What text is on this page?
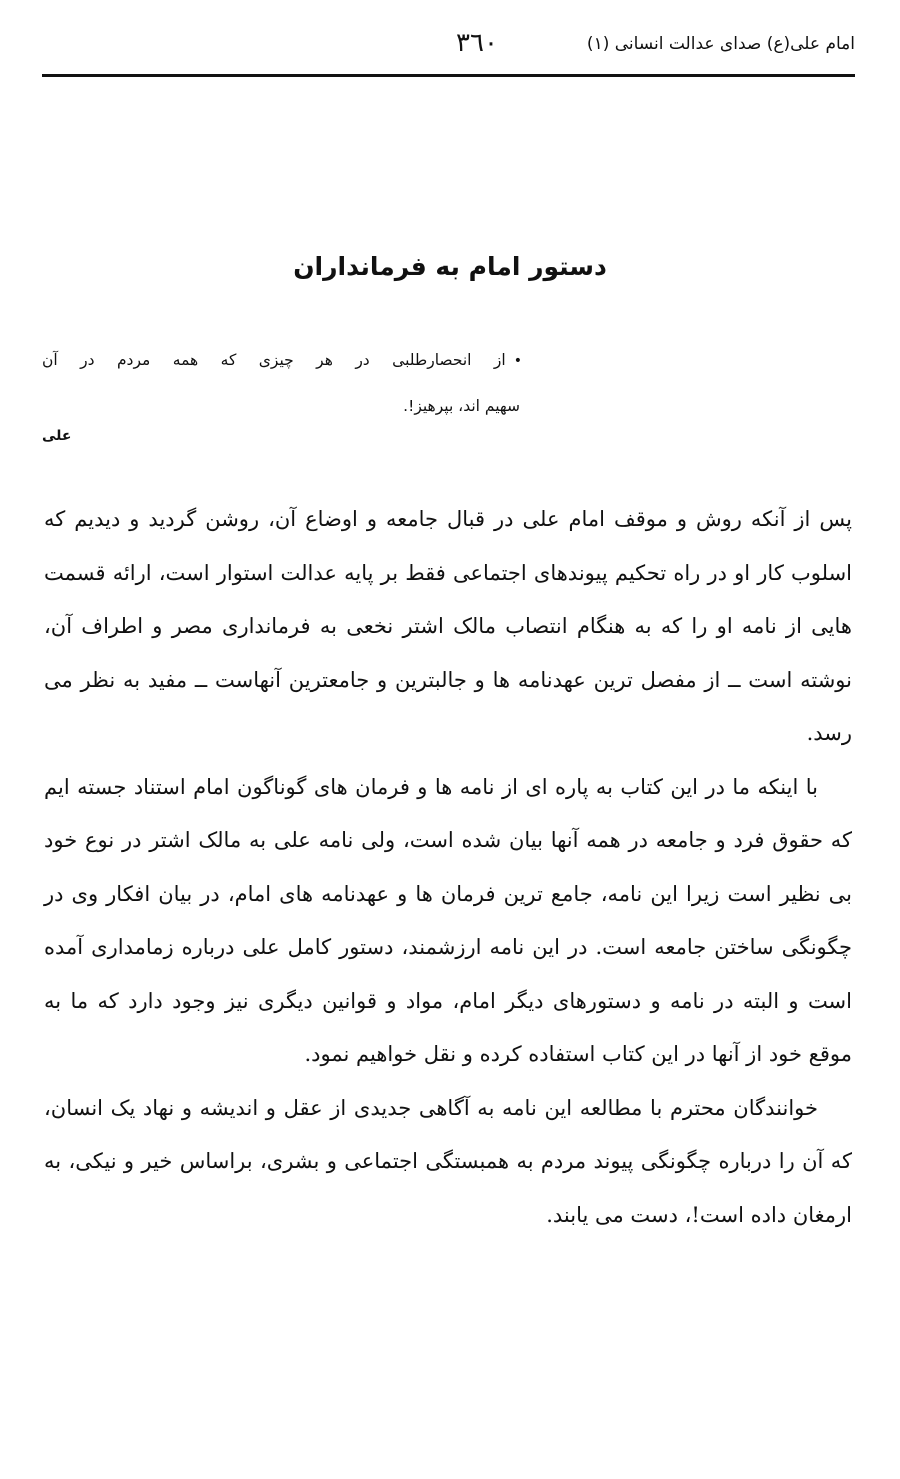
امام علی(ع) صدای عدالت انسانی (۱)
۳٦۰
دستور امام به فرمانداران
•از انحصارطلبی در هر چیزی که همه مردم در آن
سهیم اند، بپرهیز!.
علی

پس از آنکه روش و موقف امام علی در قبال جامعه و اوضاع آن، روشن گردید و دیدیم که اسلوب کار او در راه تحکیم پیوندهای اجتماعی فقط بر پایه عدالت استوار است، ارائه قسمت هایی از نامه او را که به هنگام انتصاب مالک اشتر نخعی به فرمانداری مصر و اطراف آن، نوشته است ــ از مفصل ترین عهدنامه ها و جالبترین و جامعترین آنهاست ــ مفید به نظر می رسد.

با اینکه ما در این کتاب به پاره ای از نامه ها و فرمان های گوناگون امام استناد جسته ایم که حقوق فرد و جامعه در همه آنها بیان شده است، ولی نامه علی به مالک اشتر در نوع خود بی نظیر است زیرا این نامه، جامع ترین فرمان ها و عهدنامه های امام، در بیان افکار وی در چگونگی ساختن جامعه است. در این نامه ارزشمند، دستور کامل علی درباره زمامداری آمده است و البته در نامه و دستورهای دیگر امام، مواد و قوانین دیگری نیز وجود دارد که ما به موقع خود از آنها در این کتاب استفاده کرده و نقل خواهیم نمود.

خوانندگان محترم با مطالعه این نامه به آگاهی جدیدی از عقل و اندیشه و نهاد یک انسان، که آن را درباره چگونگی پیوند مردم به همبستگی اجتماعی و بشری، براساس خیر و نیکی، به ارمغان داده است!، دست می یابند.
